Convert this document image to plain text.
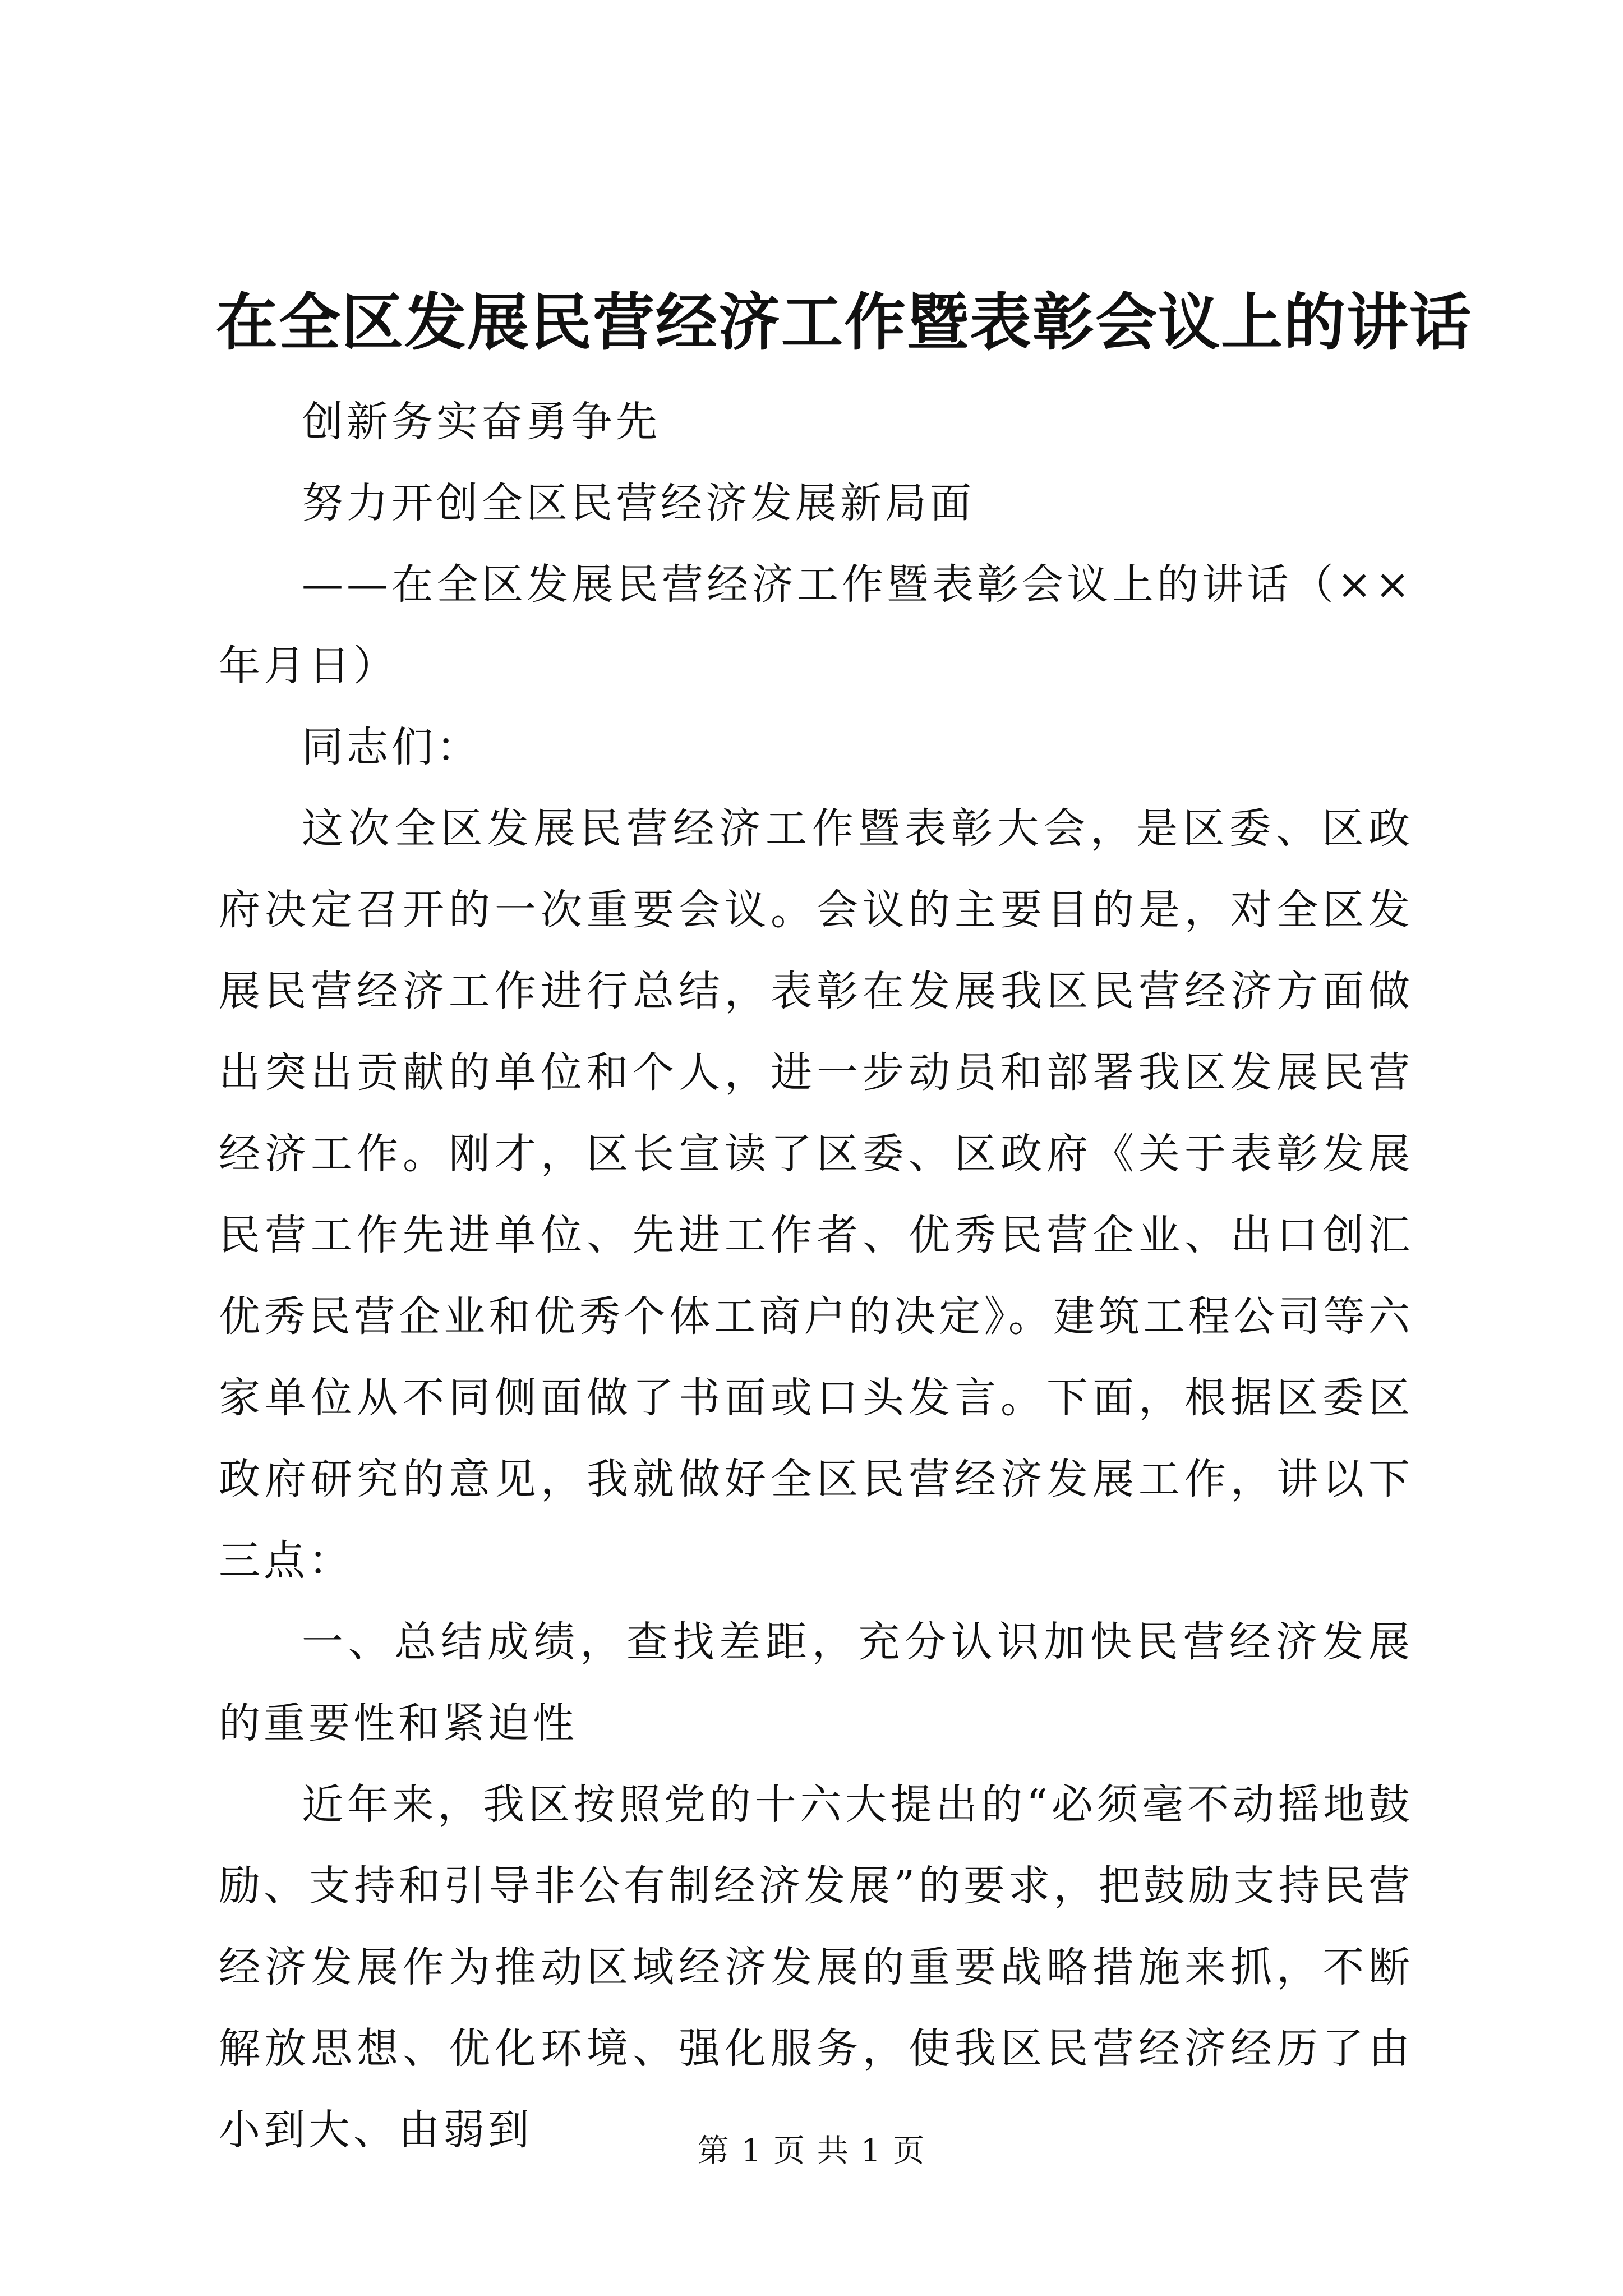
在全区发展民营经济工作暨表彰会议上的讲话

创新务实奋勇争先

努力开创全区民营经济发展新局面

——在全区发展民营经济工作暨表彰会议上的讲话（××年月日）

同志们：

这次全区发展民营经济工作暨表彰大会，是区委、区政府决定召开的一次重要会议。会议的主要目的是，对全区发展民营经济工作进行总结，表彰在发展我区民营经济方面做出突出贡献的单位和个人，进一步动员和部署我区发展民营经济工作。刚才，区长宣读了区委、区政府《关于表彰发展民营工作先进单位、先进工作者、优秀民营企业、出口创汇优秀民营企业和优秀个体工商户的决定》。建筑工程公司等六家单位从不同侧面做了书面或口头发言。下面，根据区委区政府研究的意见，我就做好全区民营经济发展工作，讲以下三点：

一、总结成绩，查找差距，充分认识加快民营经济发展的重要性和紧迫性

近年来，我区按照党的十六大提出的“必须毫不动摇地鼓励、支持和引导非公有制经济发展”的要求，把鼓励支持民营经济发展作为推动区域经济发展的重要战略措施来抓，不断解放思想、优化环境、强化服务，使我区民营经济经历了由小到大、由弱到	第 1 页 共 1 页
